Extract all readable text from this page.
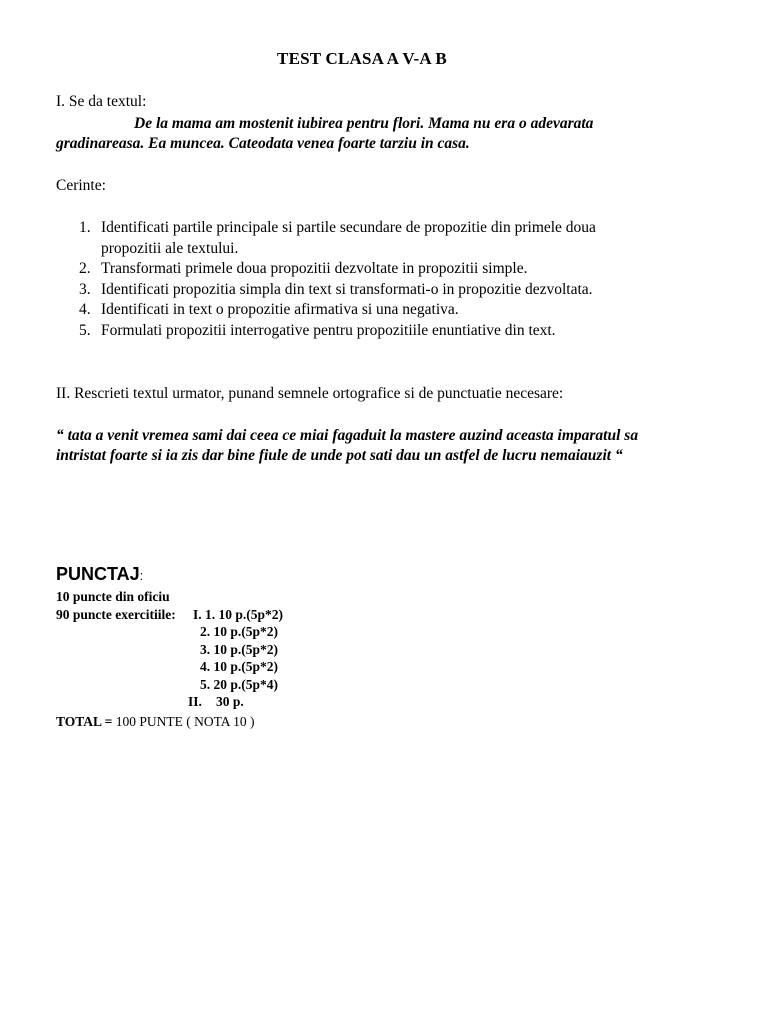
TEST CLASA A V-A B
I. Se da textul:
De la mama am mostenit iubirea pentru flori. Mama nu era o adevarata
gradinareasa. Ea muncea. Cateodata venea foarte tarziu in casa.
Cerinte:
1. Identificati partile principale si partile secundare de propozitie din primele doua
propozitii ale textului.
2. Transformati primele doua propozitii dezvoltate in propozitii simple.
3. Identificati propozitia simpla din text si transformati-o in propozitie dezvoltata.
4. Identificati in text o propozitie afirmativa si una negativa.
5. Formulati propozitii interrogative pentru propozitiile enuntiative din text.
II. Rescrieti textul urmator, punand semnele ortografice si de punctuatie necesare:
“ tata a venit vremea sami dai ceea ce miai fagaduit la mastere auzind aceasta imparatul sa
intristat foarte si ia zis dar bine fiule de unde pot sati dau un astfel de lucru nemaiauzit “
PUNCTAJ:
10 puncte din oficiu
90 puncte exercitiile: I. 1. 10 p.(5p*2)
2. 10 p.(5p*2)
3. 10 p.(5p*2)
4. 10 p.(5p*2)
5. 20 p.(5p*4)
II. 30 p.
TOTAL = 100 PUNTE ( NOTA 10 )
